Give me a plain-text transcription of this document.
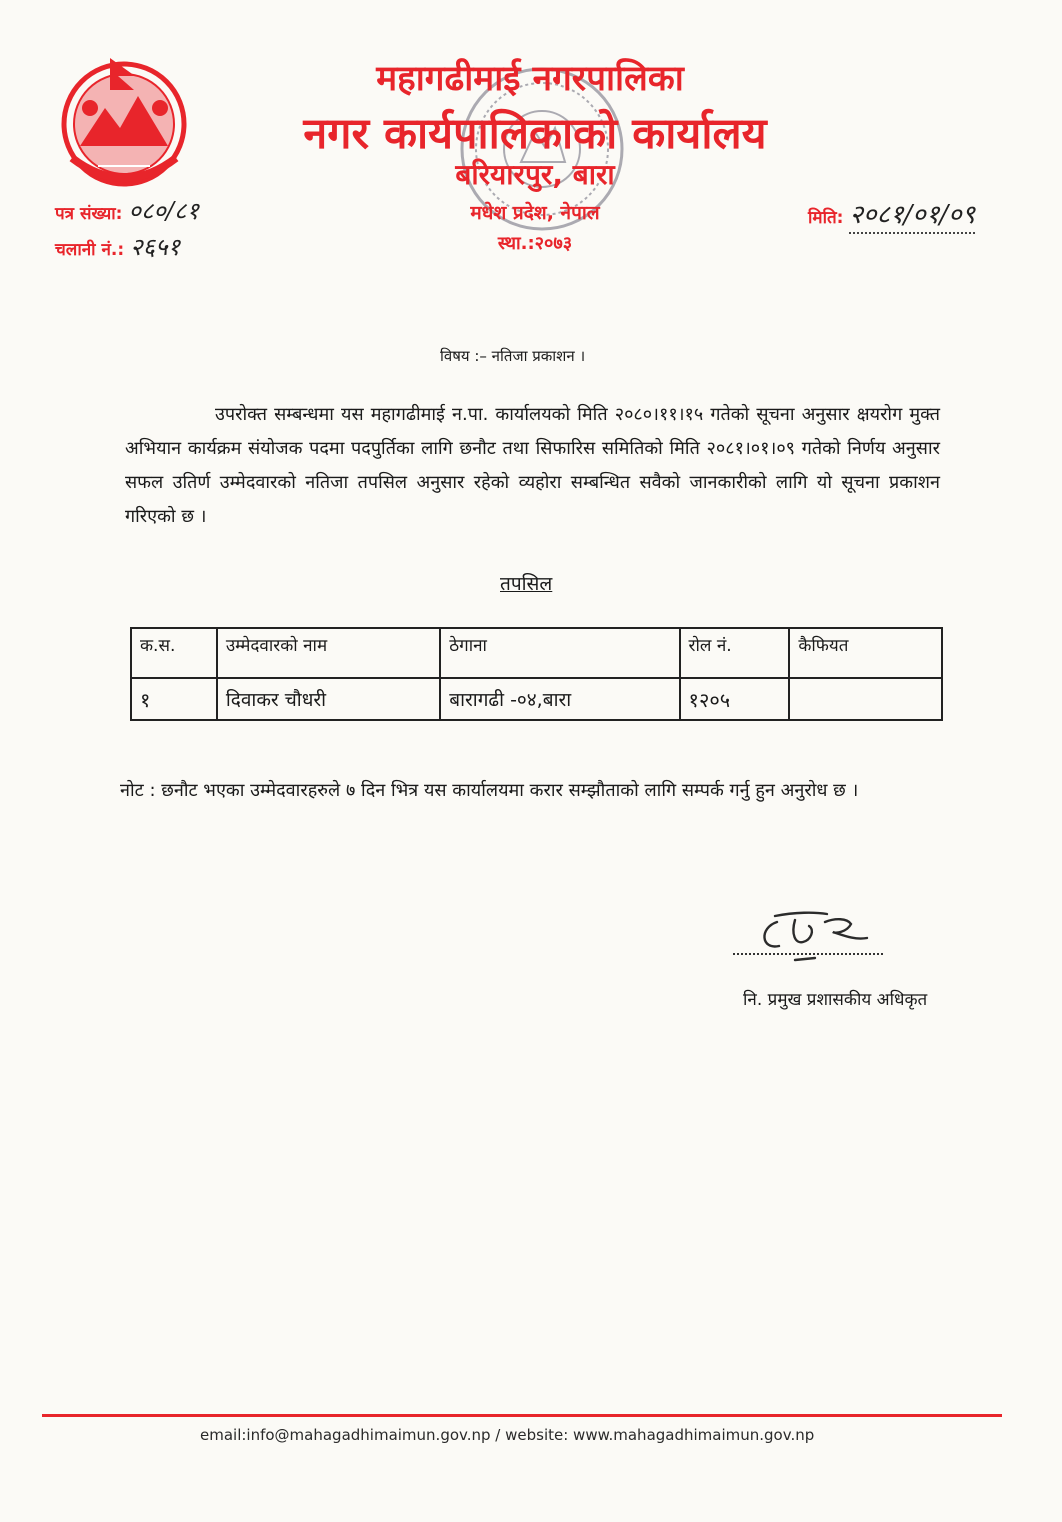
महागढीमाई नगरपालिका
नगर कार्यपालिकाको कार्यालय
बरियारपुर, बारा
मधेश प्रदेश, नेपाल
स्था.:२०७३
पत्र संख्या: ०८०/८१
चलानी नं.: २६५१
मिति: २०८१/०१/०९
विषय :– नतिजा प्रकाशन ।
उपरोक्त सम्बन्धमा यस महागढीमाई न.पा. कार्यालयको मिति २०८०।११।१५ गतेको सूचना अनुसार क्षयरोग मुक्त अभियान कार्यक्रम संयोजक पदमा पदपुर्तिका लागि छनौट तथा सिफारिस समितिको मिति २०८१।०१।०९ गतेको निर्णय अनुसार सफल उतिर्ण उम्मेदवारको नतिजा तपसिल अनुसार रहेको व्यहोरा सम्बन्धित सवैको जानकारीको लागि यो सूचना प्रकाशन गरिएको छ ।
तपसिल
क.स.	उम्मेदवारको नाम	ठेगाना	रोल नं.	कैफियत
१	दिवाकर चौधरी	बारागढी -०४,बारा	१२०५	
नोट : छनौट भएका उम्मेदवारहरुले ७ दिन भित्र यस कार्यालयमा करार सम्झौताको लागि सम्पर्क गर्नु हुन अनुरोध छ ।
नि. प्रमुख प्रशासकीय अधिकृत
email:info@mahagadhimaimun.gov.np / website: www.mahagadhimaimun.gov.np
